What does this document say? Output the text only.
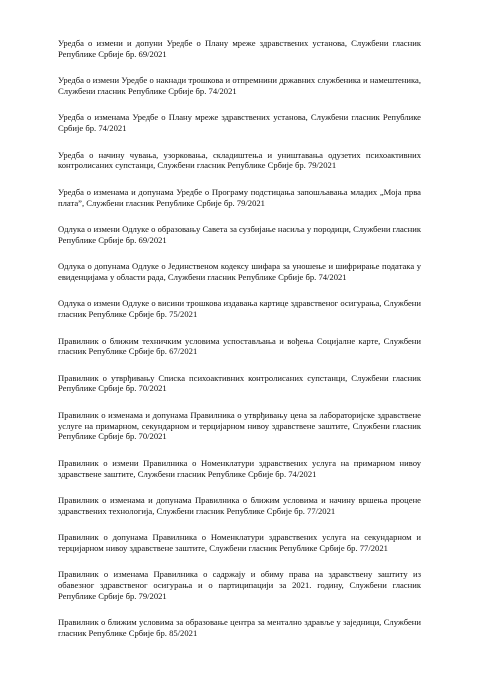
Уредба о измени и допуни Уредбе о Плану мреже здравствених установа, Службени гласник Републике Србије бр. 69/2021

Уредба о измени Уредбе о накнади трошкова и отпремнини државних службеника и намештеника, Службени гласник Републике Србије бр. 74/2021

Уредба о изменама Уредбе о Плану мреже здравствених установа, Службени гласник Републике Србије бр. 74/2021

Уредба о начину чувања, узорковања, складиштења и уништавања одузетих психоактивних контролисаних супстанци, Службени гласник Републике Србије бр. 79/2021

Уредба о изменама и допунама Уредбе о Програму подстицања запошљавања младих „Моја прва плата”, Службени гласник Републике Србије бр. 79/2021

Одлука о измени Одлуке о образовању Савета за сузбијање насиља у породици, Службени гласник Републике Србије бр. 69/2021

Одлука о допунама Одлуке о Јединственом кодексу шифара за уношење и шифрирање података у евиденцијама у области рада, Службени гласник Републике Србије бр. 74/2021

Одлука о измени Одлуке о висини трошкова издавања картице здравственог осигурања, Службени гласник Републике Србије бр. 75/2021

Правилник о ближим техничким условима успостављања и вођења Социјалне карте, Службени гласник Републике Србије бр. 67/2021

Правилник о утврђивању Списка психоактивних контролисаних супстанци, Службени гласник Републике Србије бр. 70/2021

Правилник о изменама и допунама Правилника о утврђивању цена за лабораторијске здравствене услуге на примарном, секундарном и терцијарном нивоу здравствене заштите, Службени гласник Републике Србије бр. 70/2021

Правилник о измени Правилника о Номенклатури здравствених услуга на примарном нивоу здравствене заштите, Службени гласник Републике Србије бр. 74/2021

Правилник о изменама и допунама Правилника о ближим условима и начину вршења процене здравствених технологија, Службени гласник Републике Србије бр. 77/2021

Правилник о допунама Правилника о Номенклатури здравствених услуга на секундарном и терцијарном нивоу здравствене заштите, Службени гласник Републике Србије бр. 77/2021

Правилник о изменама Правилника о садржају и обиму права на здравствену заштиту из обавезног здравственог осигурања и о партиципацији за 2021. годину, Службени гласник Републике Србије бр. 79/2021

Правилник о ближим условима за образовање центра за ментално здравље у заједници, Службени гласник Републике Србије бр. 85/2021
